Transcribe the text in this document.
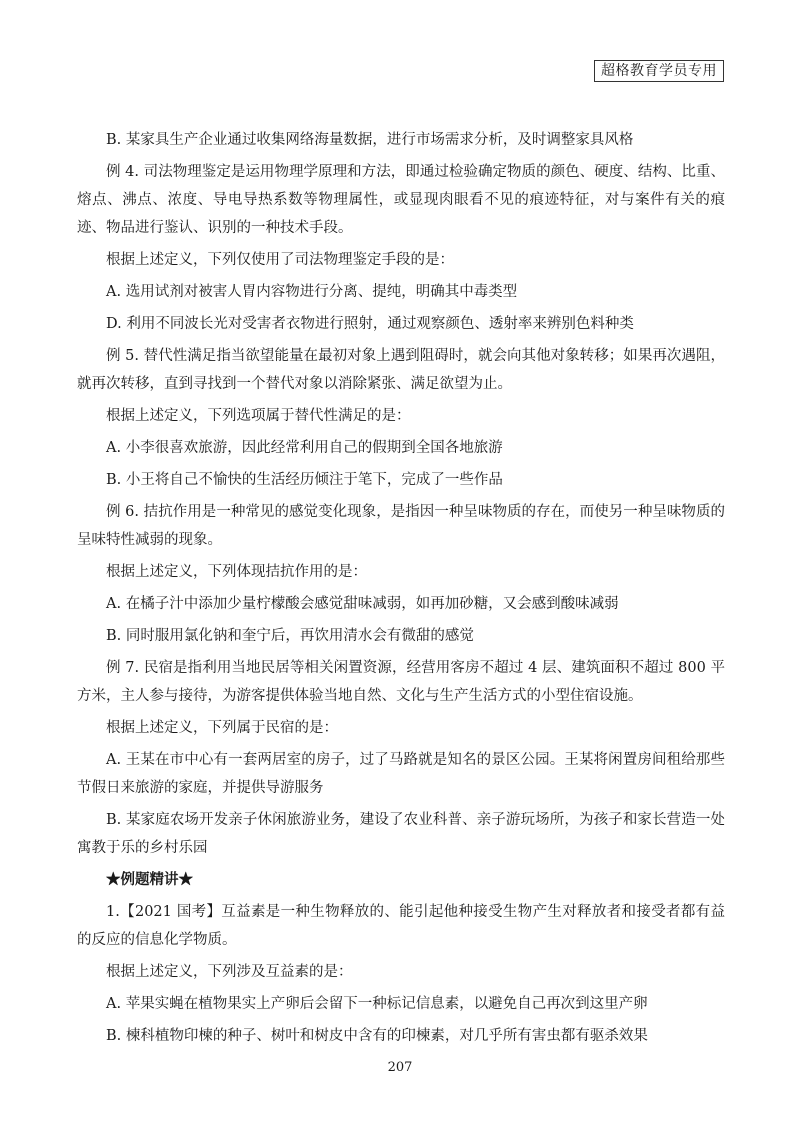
超格教育学员专用

B. 某家具生产企业通过收集网络海量数据，进行市场需求分析，及时调整家具风格

例 4. 司法物理鉴定是运用物理学原理和方法，即通过检验确定物质的颜色、硬度、结构、比重、熔点、沸点、浓度、导电导热系数等物理属性，或显现肉眼看不见的痕迹特征，对与案件有关的痕迹、物品进行鉴认、识别的一种技术手段。

根据上述定义，下列仅使用了司法物理鉴定手段的是：

A. 选用试剂对被害人胃内容物进行分离、提纯，明确其中毒类型

D. 利用不同波长光对受害者衣物进行照射，通过观察颜色、透射率来辨别色料种类

例 5. 替代性满足指当欲望能量在最初对象上遇到阻碍时，就会向其他对象转移；如果再次遇阻，就再次转移，直到寻找到一个替代对象以消除紧张、满足欲望为止。

根据上述定义，下列选项属于替代性满足的是：

A. 小李很喜欢旅游，因此经常利用自己的假期到全国各地旅游

B. 小王将自己不愉快的生活经历倾注于笔下，完成了一些作品

例 6. 拮抗作用是一种常见的感觉变化现象，是指因一种呈味物质的存在，而使另一种呈味物质的呈味特性减弱的现象。

根据上述定义，下列体现拮抗作用的是：

A. 在橘子汁中添加少量柠檬酸会感觉甜味减弱，如再加砂糖，又会感到酸味减弱

B. 同时服用氯化钠和奎宁后，再饮用清水会有微甜的感觉

例 7. 民宿是指利用当地民居等相关闲置资源，经营用客房不超过 4 层、建筑面积不超过 800 平方米，主人参与接待，为游客提供体验当地自然、文化与生产生活方式的小型住宿设施。

根据上述定义，下列属于民宿的是：

A. 王某在市中心有一套两居室的房子，过了马路就是知名的景区公园。王某将闲置房间租给那些节假日来旅游的家庭，并提供导游服务

B. 某家庭农场开发亲子休闲旅游业务，建设了农业科普、亲子游玩场所，为孩子和家长营造一处寓教于乐的乡村乐园

★例题精讲★

1.【2021 国考】互益素是一种生物释放的、能引起他种接受生物产生对释放者和接受者都有益的反应的信息化学物质。

根据上述定义，下列涉及互益素的是：

A. 苹果实蝇在植物果实上产卵后会留下一种标记信息素，以避免自己再次到这里产卵

B. 楝科植物印楝的种子、树叶和树皮中含有的印楝素，对几乎所有害虫都有驱杀效果

207
